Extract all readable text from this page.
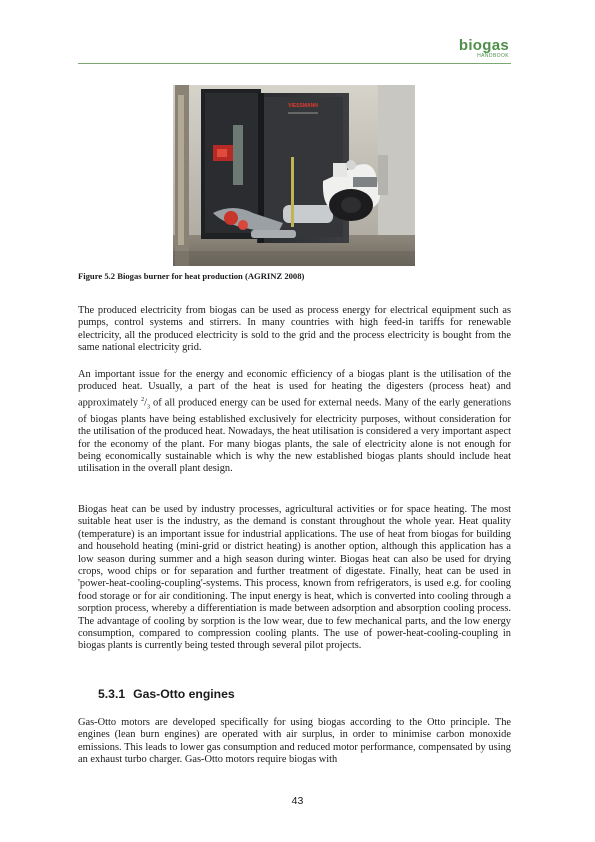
biogas
HANDBOOK
VIESSMANN
Figure 5.2 Biogas burner for heat production (AGRINZ 2008)

The produced electricity from biogas can be used as process energy for electrical equipment such as pumps, control systems and stirrers. In many countries with high feed-in tariffs for renewable electricity, all the produced electricity is sold to the grid and the process electricity is bought from the same national electricity grid.

An important issue for the energy and economic efficiency of a biogas plant is the utilisation of the produced heat. Usually, a part of the heat is used for heating the digesters (process heat) and approximately $^2/_3$ of all produced energy can be used for external needs. Many of the early generations of biogas plants have being established exclusively for electricity purposes, without consideration for the utilisation of the produced heat. Nowadays, the heat utilisation is considered a very important aspect for the economy of the plant. For many biogas plants, the sale of electricity alone is not enough for being economically sustainable which is why the new established biogas plants should include heat utilisation in the overall plant design.

Biogas heat can be used by industry processes, agricultural activities or for space heating. The most suitable heat user is the industry, as the demand is constant throughout the whole year. Heat quality (temperature) is an important issue for industrial applications. The use of heat from biogas for building and household heating (mini-grid or district heating) is another option, although this application has a low season during summer and a high season during winter. Biogas heat can also be used for drying crops, wood chips or for separation and further treatment of digestate. Finally, heat can be used in 'power-heat-cooling-coupling'-systems. This process, known from refrigerators, is used e.g. for cooling food storage or for air conditioning. The input energy is heat, which is converted into cooling through a sorption process, whereby a differentiation is made between adsorption and absorption cooling process. The advantage of cooling by sorption is the low wear, due to few mechanical parts, and the low energy consumption, compared to compression cooling plants. The use of power-heat-cooling-coupling in biogas plants is currently being tested through several pilot projects.

5.3.1 Gas-Otto engines

Gas-Otto motors are developed specifically for using biogas according to the Otto principle. The engines (lean burn engines) are operated with air surplus, in order to minimise carbon monoxide emissions. This leads to lower gas consumption and reduced motor performance, compensated by using an exhaust turbo charger. Gas-Otto motors require biogas with

43
